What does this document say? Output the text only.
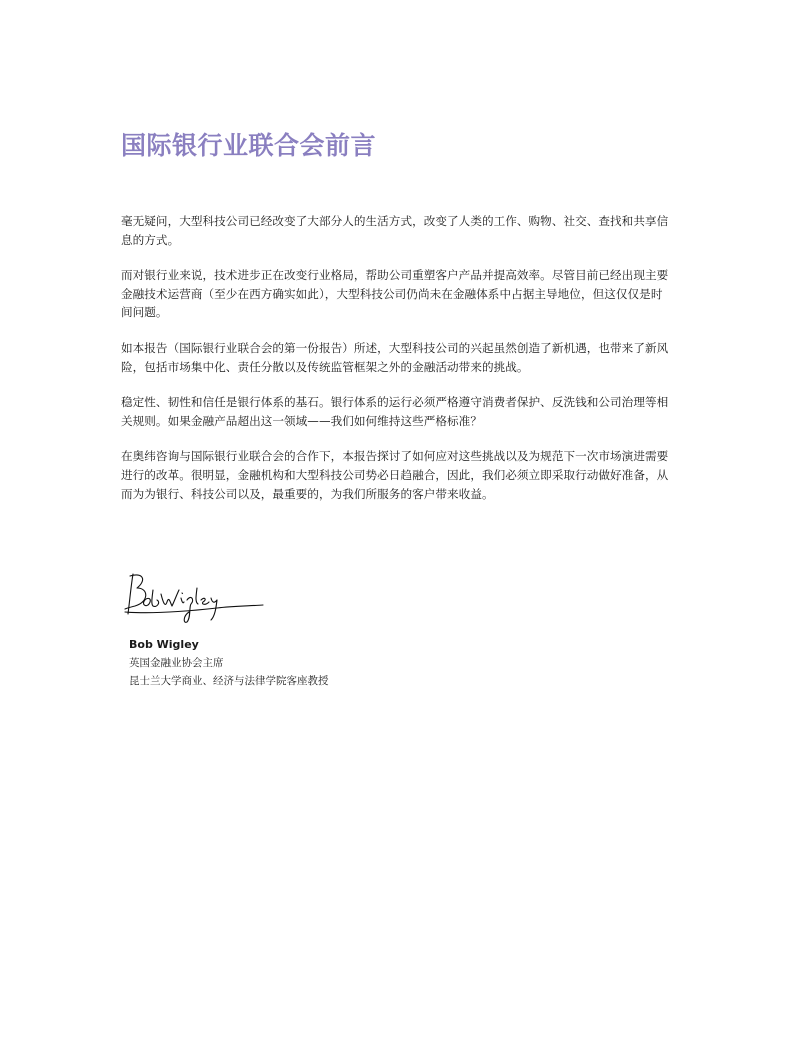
国际银行业联合会前言

毫无疑问，大型科技公司已经改变了大部分人的生活方式，改变了人类的工作、购物、社交、查找和共享信息的方式。

而对银行业来说，技术进步正在改变行业格局，帮助公司重塑客户产品并提高效率。尽管目前已经出现主要金融技术运营商（至少在西方确实如此），大型科技公司仍尚未在金融体系中占据主导地位，但这仅仅是时间问题。

如本报告（国际银行业联合会的第一份报告）所述，大型科技公司的兴起虽然创造了新机遇，也带来了新风险，包括市场集中化、责任分散以及传统监管框架之外的金融活动带来的挑战。

稳定性、韧性和信任是银行体系的基石。银行体系的运行必须严格遵守消费者保护、反洗钱和公司治理等相关规则。如果金融产品超出这一领域——我们如何维持这些严格标准？

在奥纬咨询与国际银行业联合会的合作下，本报告探讨了如何应对这些挑战以及为规范下一次市场演进需要进行的改革。很明显，金融机构和大型科技公司势必日趋融合，因此，我们必须立即采取行动做好准备，从而为为银行、科技公司以及，最重要的，为我们所服务的客户带来收益。

Bob Wigley

英国金融业协会主席

昆士兰大学商业、经济与法律学院客座教授
